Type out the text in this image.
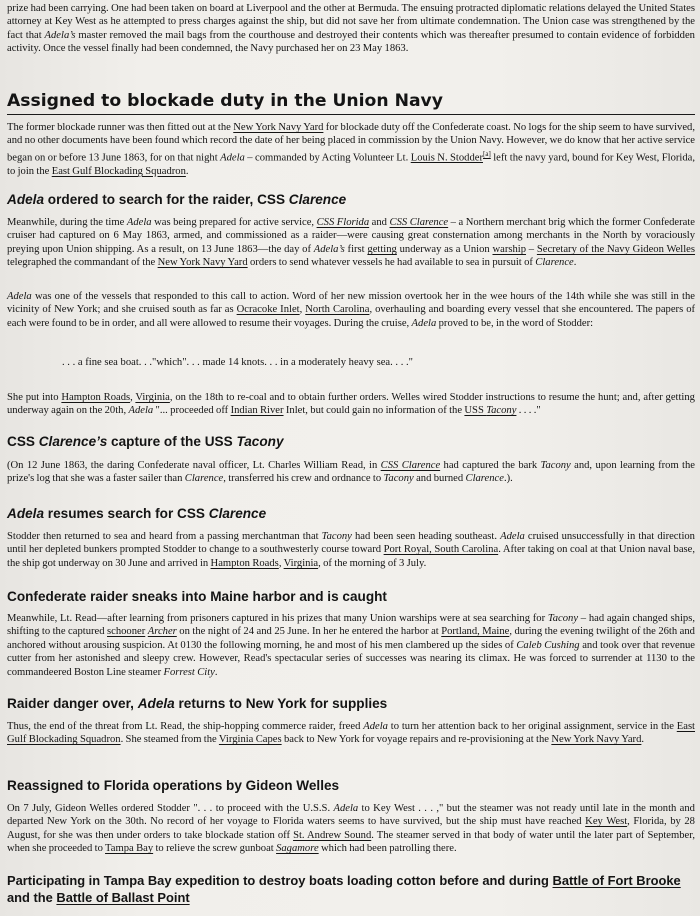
prize had been carrying. One had been taken on board at Liverpool and the other at Bermuda. The ensuing protracted diplomatic relations delayed the United States attorney at Key West as he attempted to press charges against the ship, but did not save her from ultimate condemnation. The Union case was strengthened by the fact that Adela’s master removed the mail bags from the courthouse and destroyed their contents which was thereafter presumed to contain evidence of forbidden activity. Once the vessel finally had been condemned, the Navy purchased her on 23 May 1863.

Assigned to blockade duty in the Union Navy

The former blockade runner was then fitted out at the New York Navy Yard for blockade duty off the Confederate coast. No logs for the ship seem to have survived, and no other documents have been found which record the date of her being placed in commission by the Union Navy. However, we do know that her active service began on or before 13 June 1863, for on that night Adela – commanded by Acting Volunteer Lt. Louis N. Stodder[a] left the navy yard, bound for Key West, Florida, to join the East Gulf Blockading Squadron.

Adela ordered to search for the raider, CSS Clarence

Meanwhile, during the time Adela was being prepared for active service, CSS Florida and CSS Clarence – a Northern merchant brig which the former Confederate cruiser had captured on 6 May 1863, armed, and commissioned as a raider—were causing great consternation among merchants in the North by voraciously preying upon Union shipping. As a result, on 13 June 1863—the day of Adela’s first getting underway as a Union warship – Secretary of the Navy Gideon Welles telegraphed the commandant of the New York Navy Yard orders to send whatever vessels he had available to sea in pursuit of Clarence.

Adela was one of the vessels that responded to this call to action. Word of her new mission overtook her in the wee hours of the 14th while she was still in the vicinity of New York; and she cruised south as far as Ocracoke Inlet, North Carolina, overhauling and boarding every vessel that she encountered. The papers of each were found to be in order, and all were allowed to resume their voyages. During the cruise, Adela proved to be, in the word of Stodder:

. . . a fine sea boat. . ."which". . . made 14 knots. . . in a moderately heavy sea. . . ."

She put into Hampton Roads, Virginia, on the 18th to re-coal and to obtain further orders. Welles wired Stodder instructions to resume the hunt; and, after getting underway again on the 20th, Adela "... proceeded off Indian River Inlet, but could gain no information of the USS Tacony . . . ."

CSS Clarence’s capture of the USS Tacony

(On 12 June 1863, the daring Confederate naval officer, Lt. Charles William Read, in CSS Clarence had captured the bark Tacony and, upon learning from the prize's log that she was a faster sailer than Clarence, transferred his crew and ordnance to Tacony and burned Clarence.).

Adela resumes search for CSS Clarence

Stodder then returned to sea and heard from a passing merchantman that Tacony had been seen heading southeast. Adela cruised unsuccessfully in that direction until her depleted bunkers prompted Stodder to change to a southwesterly course toward Port Royal, South Carolina. After taking on coal at that Union naval base, the ship got underway on 30 June and arrived in Hampton Roads, Virginia, of the morning of 3 July.

Confederate raider sneaks into Maine harbor and is caught

Meanwhile, Lt. Read—after learning from prisoners captured in his prizes that many Union warships were at sea searching for Tacony – had again changed ships, shifting to the captured schooner Archer on the night of 24 and 25 June. In her he entered the harbor at Portland, Maine, during the evening twilight of the 26th and anchored without arousing suspicion. At 0130 the following morning, he and most of his men clambered up the sides of Caleb Cushing and took over that revenue cutter from her astonished and sleepy crew. However, Read's spectacular series of successes was nearing its climax. He was forced to surrender at 1130 to the commandeered Boston Line steamer Forrest City.

Raider danger over, Adela returns to New York for supplies

Thus, the end of the threat from Lt. Read, the ship-hopping commerce raider, freed Adela to turn her attention back to her original assignment, service in the East Gulf Blockading Squadron. She steamed from the Virginia Capes back to New York for voyage repairs and re-provisioning at the New York Navy Yard.

Reassigned to Florida operations by Gideon Welles

On 7 July, Gideon Welles ordered Stodder ". . . to proceed with the U.S.S. Adela to Key West . . . ," but the steamer was not ready until late in the month and departed New York on the 30th. No record of her voyage to Florida waters seems to have survived, but the ship must have reached Key West, Florida, by 28 August, for she was then under orders to take blockade station off St. Andrew Sound. The steamer served in that body of water until the later part of September, when she proceeded to Tampa Bay to relieve the screw gunboat Sagamore which had been patrolling there.

Participating in Tampa Bay expedition to destroy boats loading cotton before and during Battle of Fort Brooke and the Battle of Ballast Point
